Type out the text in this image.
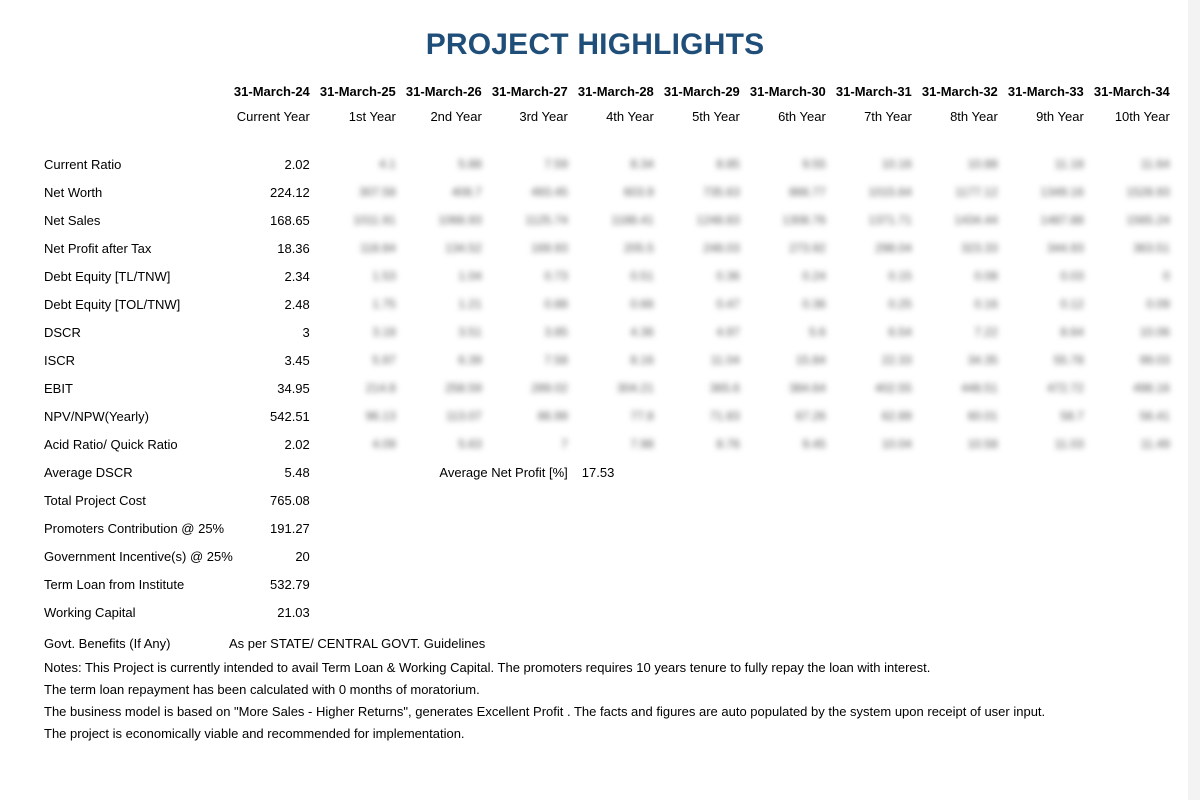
PROJECT HIGHLIGHTS
	31-March-24	31-March-25	31-March-26	31-March-27	31-March-28	31-March-29	31-March-30	31-March-31	31-March-32	31-March-33	31-March-34
	Current Year	1st Year	2nd Year	3rd Year	4th Year	5th Year	6th Year	7th Year	8th Year	9th Year	10th Year

Current Ratio	2.02	4.1	5.88	7.59	8.34	8.85	9.55	10.16	10.88	11.18	11.64
Net Worth	224.12	307.58	408.7	493.45	603.9	735.63	866.77	1015.64	1177.12	1349.16	1528.93
Net Sales	168.65	1011.91	1066.93	1125.74	1188.41	1248.83	1308.76	1371.71	1434.44	1487.88	1565.24
Net Profit after Tax	18.36	118.84	134.52	169.93	205.5	248.03	273.92	298.04	323.33	344.93	363.51
Debt Equity [TL/TNW]	2.34	1.53	1.04	0.73	0.51	0.36	0.24	0.15	0.08	0.03	0
Debt Equity [TOL/TNW]	2.48	1.75	1.21	0.88	0.66	0.47	0.36	0.25	0.16	0.12	0.09
DSCR	3	3.18	3.51	3.85	4.36	4.97	5.6	6.54	7.22	8.64	10.06
ISCR	3.45	5.97	6.39	7.58	8.16	11.04	15.84	22.33	34.35	55.78	99.03
EBIT	34.95	214.8	258.59	289.02	304.21	365.6	384.64	402.55	448.51	472.72	498.16
NPV/NPW(Yearly)	542.51	96.13	113.07	86.99	77.8	71.83	67.26	62.89	60.01	58.7	56.41
Acid Ratio/ Quick Ratio	2.02	4.09	5.63	7	7.98	8.76	9.45	10.04	10.58	11.03	11.49
Average DSCR	5.48		Average Net Profit [%]		17.53						
Total Project Cost	765.08										
Promoters Contribution @ 25%	191.27										
Government Incentive(s) @ 25%	20										
Term Loan from Institute	532.79										
Working Capital	21.03										
Govt. Benefits (If Any)	As per STATE/ CENTRAL GOVT. Guidelines
Notes: This Project is currently intended to avail Term Loan & Working Capital. The promoters requires 10 years tenure to fully repay the loan with interest.
The term loan repayment has been calculated with 0 months of moratorium.
The business model is based on "More Sales - Higher Returns", generates Excellent Profit . The facts and figures are auto populated by the system upon receipt of user input.
The project is economically viable and recommended for implementation.
